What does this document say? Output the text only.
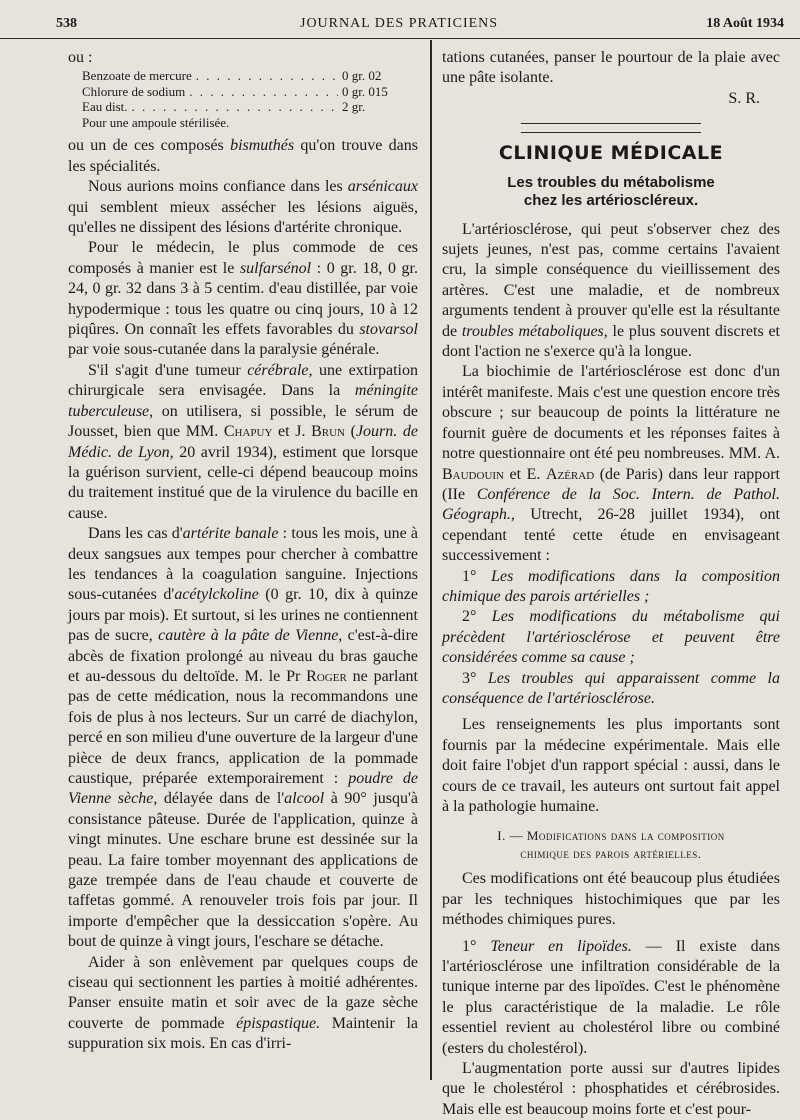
538	JOURNAL DES PRATICIENS	18 Août 1934

ou :

Benzoate de mercure . . .	0 gr. 02
Chlorure de sodium . . .	0 gr. 015
Eau dist. . . .	2 gr.
Pour une ampoule stérilisée.

ou un de ces composés bismuthés qu'on trouve dans les spécialités.

Nous aurions moins confiance dans les arsénicaux qui semblent mieux assécher les lésions aiguës, qu'elles ne dissipent des lésions d'artérite chronique.

Pour le médecin, le plus commode de ces composés à manier est le sulfarsénol : 0 gr. 18, 0 gr. 24, 0 gr. 32 dans 3 à 5 centim. d'eau distillée, par voie hypodermique : tous les quatre ou cinq jours, 10 à 12 piqûres. On connaît les effets favorables du stovarsol par voie sous-cutanée dans la paralysie générale.

S'il s'agit d'une tumeur cérébrale, une extirpation chirurgicale sera envisagée. Dans la méningite tuberculeuse, on utilisera, si possible, le sérum de Jousset, bien que MM. Chapuy et J. Brun (Journ. de Médic. de Lyon, 20 avril 1934), estiment que lorsque la guérison survient, celle-ci dépend beaucoup moins du traitement institué que de la virulence du bacille en cause.

Dans les cas d'artérite banale : tous les mois, une à deux sangsues aux tempes pour chercher à combattre les tendances à la coagulation sanguine. Injections sous-cutanées d'acétylckoline (0 gr. 10, dix à quinze jours par mois). Et surtout, si les urines ne contiennent pas de sucre, cautère à la pâte de Vienne, c'est-à-dire abcès de fixation prolongé au niveau du bras gauche et au-dessous du deltoïde. M. le Pr Roger ne parlant pas de cette médication, nous la recommandons une fois de plus à nos lecteurs. Sur un carré de diachylon, percé en son milieu d'une ouverture de la largeur d'une pièce de deux francs, application de la pommade caustique, préparée extemporairement : poudre de Vienne sèche, délayée dans de l'alcool à 90° jusqu'à consistance pâteuse. Durée de l'application, quinze à vingt minutes. Une eschare brune est dessinée sur la peau. La faire tomber moyennant des applications de gaze trempée dans de l'eau chaude et couverte de taffetas gommé. A renouveler trois fois par jour. Il importe d'empêcher que la dessiccation s'opère. Au bout de quinze à vingt jours, l'eschare se détache.

Aider à son enlèvement par quelques coups de ciseau qui sectionnent les parties à moitié adhérentes. Panser ensuite matin et soir avec de la gaze sèche couverte de pommade épispastique. Maintenir la suppuration six mois. En cas d'irri-

tations cutanées, panser le pourtour de la plaie avec une pâte isolante.

S. R.

CLINIQUE MÉDICALE
Les troubles du métabolisme
chez les artérioscléreux.

L'artériosclérose, qui peut s'observer chez des sujets jeunes, n'est pas, comme certains l'avaient cru, la simple conséquence du vieillissement des artères. C'est une maladie, et de nombreux arguments tendent à prouver qu'elle est la résultante de troubles métaboliques, le plus souvent discrets et dont l'action ne s'exerce qu'à la longue.

La biochimie de l'artériosclérose est donc d'un intérêt manifeste. Mais c'est une question encore très obscure ; sur beaucoup de points la littérature ne fournit guère de documents et les réponses faites à notre questionnaire ont été peu nombreuses. MM. A. Baudouin et E. Azérad (de Paris) dans leur rapport (IIe Conférence de la Soc. Intern. de Pathol. Géograph., Utrecht, 26-28 juillet 1934), ont cependant tenté cette étude en envisageant successivement :

1° Les modifications dans la composition chimique des parois artérielles ;

2° Les modifications du métabolisme qui précèdent l'artériosclérose et peuvent être considérées comme sa cause ;

3° Les troubles qui apparaissent comme la conséquence de l'artériosclérose.

Les renseignements les plus importants sont fournis par la médecine expérimentale. Mais elle doit faire l'objet d'un rapport spécial : aussi, dans le cours de ce travail, les auteurs ont surtout fait appel à la pathologie humaine.

I. — Modifications dans la composition
chimique des parois artérielles.

Ces modifications ont été beaucoup plus étudiées par les techniques histochimiques que par les méthodes chimiques pures.

1° Teneur en lipoïdes. — Il existe dans l'artériosclérose une infiltration considérable de la tunique interne par des lipoïdes. C'est le phénomène le plus caractéristique de la maladie. Le rôle essentiel revient au cholestérol libre ou combiné (esters du cholestérol).

L'augmentation porte aussi sur d'autres lipides que le cholestérol : phosphatides et cérébrosides. Mais elle est beaucoup moins forte et c'est pour-
